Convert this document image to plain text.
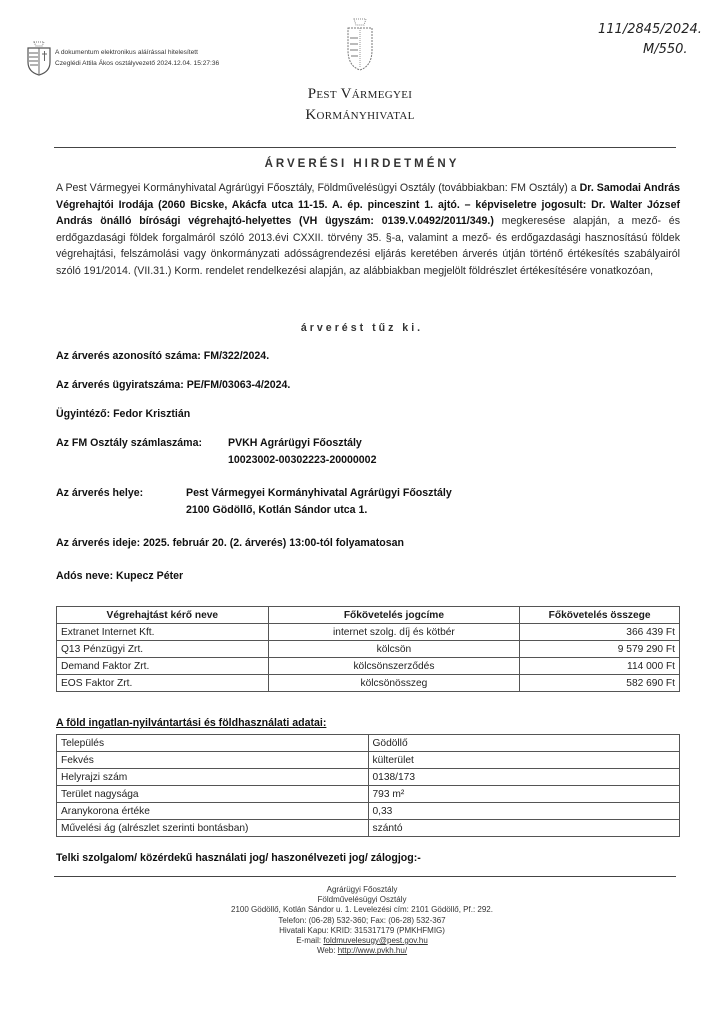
A dokumentum elektronikus aláírással hitelesített
Czeglédi Attila Ákos osztályvezető 2024.12.04. 15:27:36
Pest Vármegyei
Kormányhivatal
111/2845/2024.
M/550.
ÁRVERÉSI HIRDETMÉNY
A Pest Vármegyei Kormányhivatal Agrárügyi Főosztály, Földművelésügyi Osztály (továbbiakban: FM Osztály) a Dr. Samodai András Végrehajtói Irodája (2060 Bicske, Akácfa utca 11-15. A. ép. pinceszint 1. ajtó. – képviseletre jogosult: Dr. Walter József András önálló bírósági végrehajtó-helyettes (VH ügyszám: 0139.V.0492/2011/349.) megkeresése alapján, a mező- és erdőgazdasági földek forgalmáról szóló 2013.évi CXXII. törvény 35. §-a, valamint a mező- és erdőgazdasági hasznosítású földek végrehajtási, felszámolási vagy önkormányzati adósságrendezési eljárás keretében árverés útján történő értékesítés szabályairól szóló 191/2014. (VII.31.) Korm. rendelet rendelkezési alapján, az alábbiakban megjelölt földrészlet értékesítésére vonatkozóan,
árverést tűz ki.
Az árverés azonosító száma: FM/322/2024.
Az árverés ügyiratszáma: PE/FM/03063-4/2024.
Ügyintéző: Fedor Krisztián
Az FM Osztály számlaszáma: PVKH Agrárügyi Főosztály
10023002-00302223-20000002
Az árverés helye:	Pest Vármegyei Kormányhivatal Agrárügyi Főosztály
2100 Gödöllő, Kotlán Sándor utca 1.
Az árverés ideje: 2025. február 20. (2. árverés) 13:00-tól folyamatosan
Adós neve: Kupecz Péter
Végrehajtást kérő neve	Főkövetelés jogcíme	Főkövetelés összege
Extranet Internet Kft.	internet szolg. díj és kötbér	366 439 Ft
Q13 Pénzügyi Zrt.	kölcsön	9 579 290 Ft
Demand Faktor Zrt.	kölcsönszerződés	114 000 Ft
EOS Faktor Zrt.	kölcsönösszeg	582 690 Ft
A föld ingatlan-nyilvántartási és földhasználati adatai:
Település	Gödöllő
Fekvés	külterület
Helyrajzi szám	0138/173
Terület nagysága	793 m²
Aranykorona értéke	0,33
Művelési ág (alrészlet szerinti bontásban)	szántó
Telki szolgalom/ közérdekű használati jog/ haszonélvezeti jog/ zálogjog:-
Agrárügyi Főosztály
Földművelésügyi Osztály
2100 Gödöllő, Kotlán Sándor u. 1. Levelezési cím: 2101 Gödöllő, Pf.: 292.
Telefon: (06-28) 532-360; Fax: (06-28) 532-367
Hivatali Kapu: KRID: 315317179 (PMKHFMIG)
E-mail: foldmuvelesugy@pest.gov.hu
Web: http://www.pvkh.hu/
